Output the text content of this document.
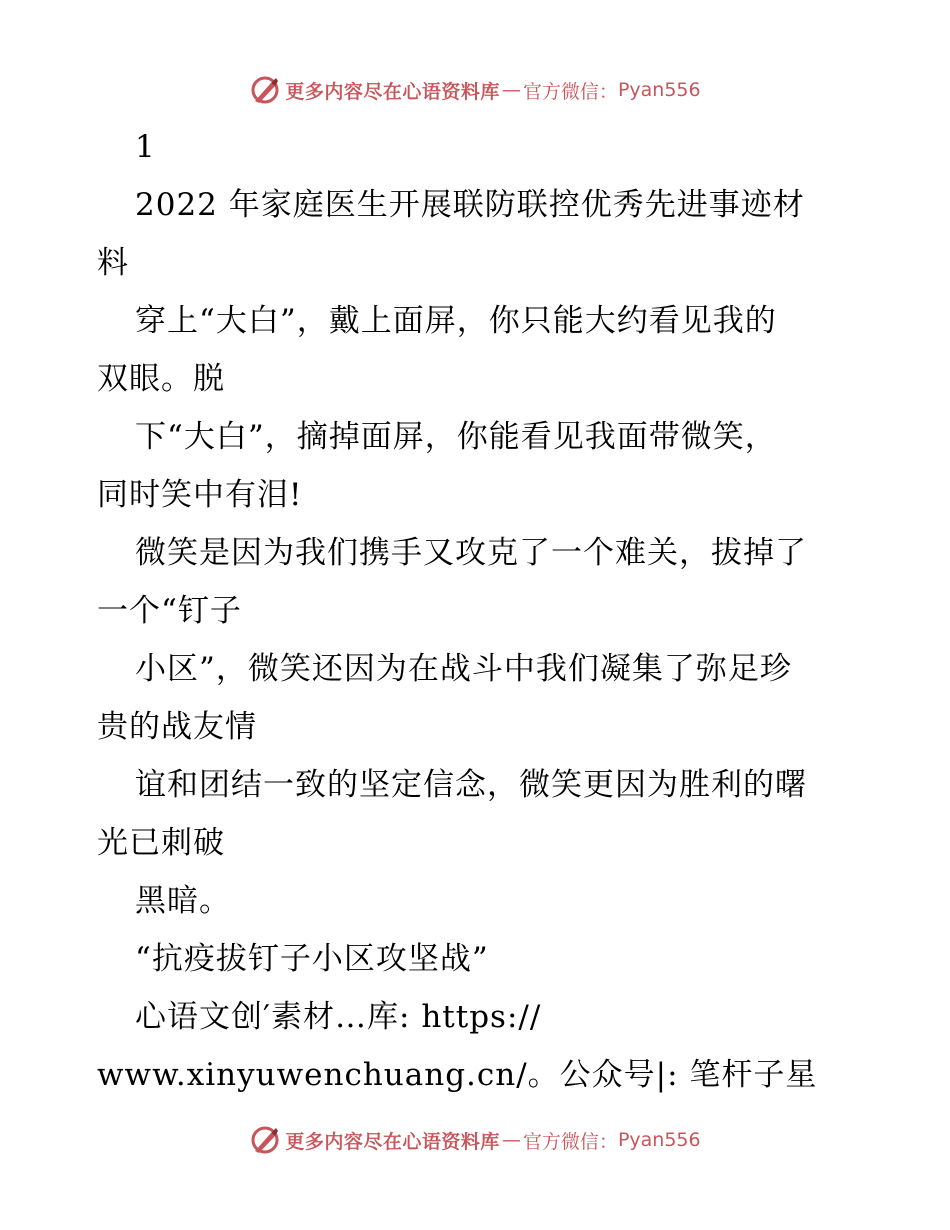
更多内容尽在心语资料库 — 官方微信： Pyan556
1
2022 年家庭医生开展联防联控优秀先进事迹材
料
穿上“大白”，戴上面屏，你只能大约看见我的
双眼。脱
下“大白”，摘掉面屏，你能看见我面带微笑，
同时笑中有泪!
微笑是因为我们携手又攻克了一个难关，拔掉了
一个“钉子
小区”，微笑还因为在战斗中我们凝集了弥足珍
贵的战友情
谊和团结一致的坚定信念，微笑更因为胜利的曙
光已刺破
黑暗。
“抗疫拔钉子小区攻坚战”
心语文创′素材…库: https://
www.xinyuwenchuang.cn/。公众号|: 笔杆子星
更多内容尽在心语资料库 — 官方微信： Pyan556
